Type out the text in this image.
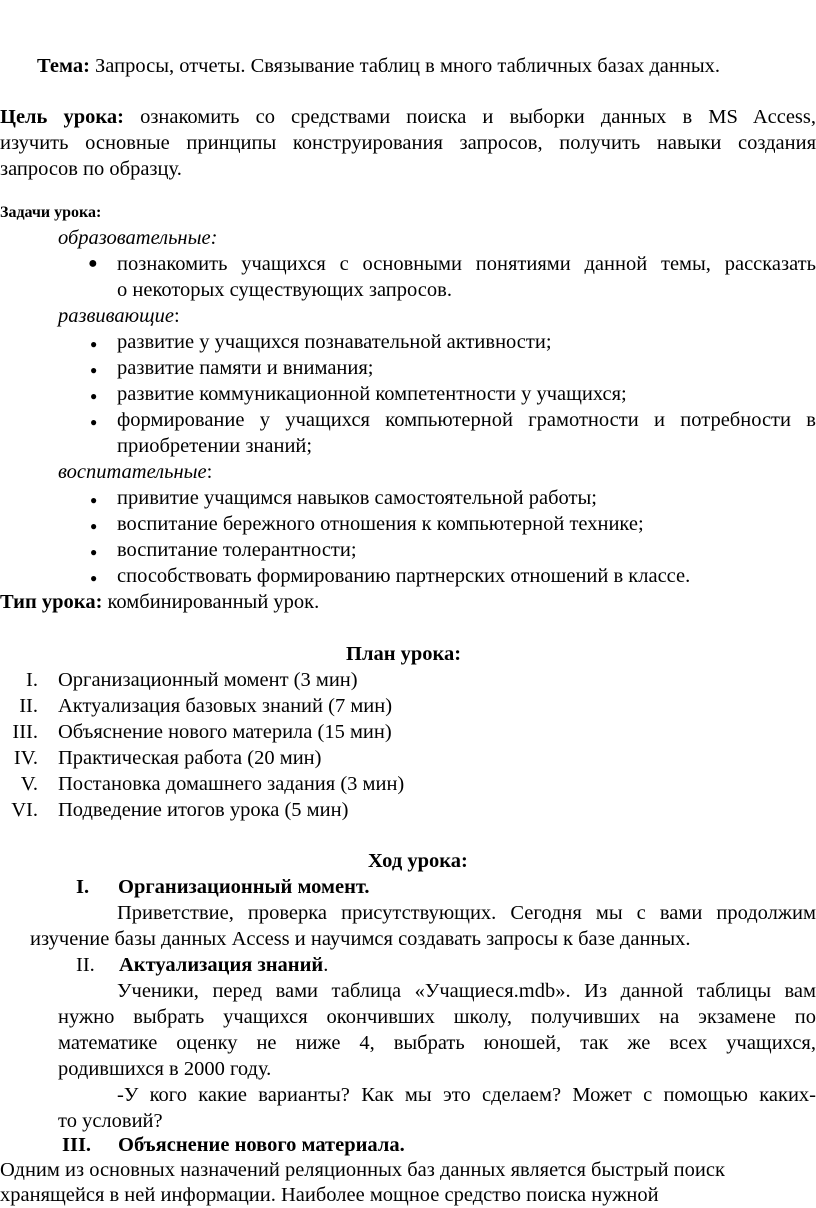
Тема: Запросы, отчеты. Связывание таблиц в много табличных базах данных.
Цель урока: ознакомить со средствами поиска и выборки данных в MS Access,
изучить основные принципы конструирования запросов, получить навыки создания
запросов по образцу.
Задачи урока:
образовательные:
● познакомить учащихся с основными понятиями данной темы, рассказать
о некоторых существующих запросов.
развивающие:
● развитие у учащихся познавательной активности;
● развитие памяти и внимания;
● развитие коммуникационной компетентности у учащихся;
● формирование у учащихся компьютерной грамотности и потребности в
приобретении знаний;
воспитательные:
● привитие учащимся навыков самостоятельной работы;
● воспитание бережного отношения к компьютерной технике;
● воспитание толерантности;
● способствовать формированию партнерских отношений в классе.
Тип урока: комбинированный урок.
План урока:
I. Организационный момент (3 мин)
II. Актуализация базовых знаний (7 мин)
III. Объяснение нового материла (15 мин)
IV. Практическая работа (20 мин)
V. Постановка домашнего задания (3 мин)
VI. Подведение итогов урока (5 мин)
Ход урока:
I. Организационный момент.
Приветствие, проверка присутствующих. Сегодня мы с вами продолжим
изучение базы данных Access и научимся создавать запросы к базе данных.
II. Актуализация знаний.
Ученики, перед вами таблица «Учащиеся.mdb». Из данной таблицы вам
нужно выбрать учащихся окончивших школу, получивших на экзамене по
математике оценку не ниже 4, выбрать юношей, так же всех учащихся,
родившихся в 2000 году.
-У кого какие варианты? Как мы это сделаем? Может с помощью каких-
то условий?
III. Объяснение нового материала.
Одним из основных назначений реляционных баз данных является быстрый поиск
хранящейся в ней информации. Наиболее мощное средство поиска нужной
